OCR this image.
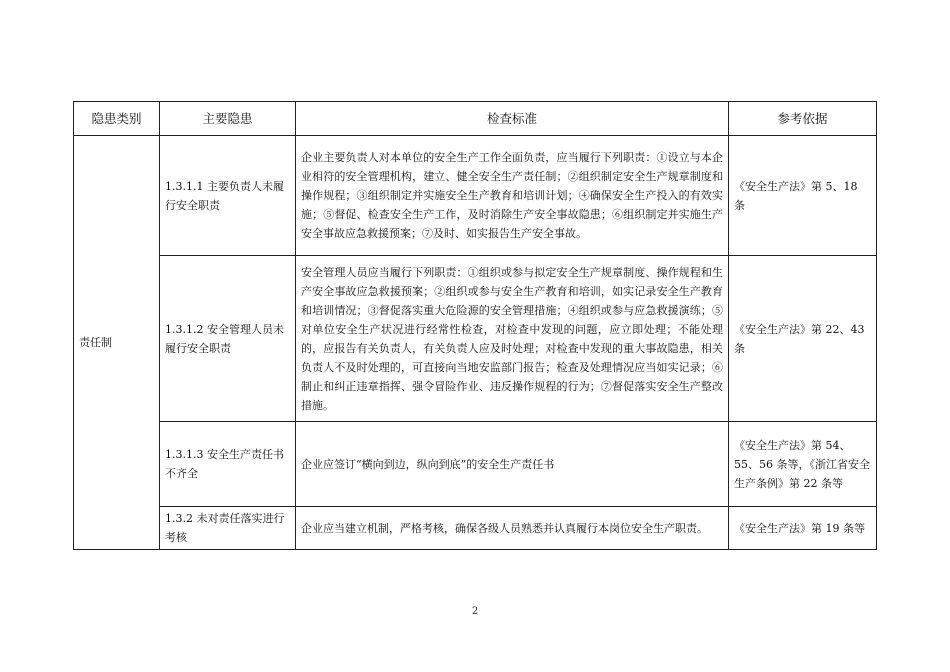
隐患类别	主要隐患	检查标准	参考依据
责任制	1.3.1.1 主要负责人未履行安全职责	企业主要负责人对本单位的安全生产工作全面负责，应当履行下列职责：①设立与本企业相符的安全管理机构，建立、健全安全生产责任制；②组织制定安全生产规章制度和操作规程；③组织制定并实施安全生产教育和培训计划；④确保安全生产投入的有效实施；⑤督促、检查安全生产工作，及时消除生产安全事故隐患；⑥组织制定并实施生产安全事故应急救援预案；⑦及时、如实报告生产安全事故。	《安全生产法》第 5、18 条
	1.3.1.2 安全管理人员未履行安全职责	安全管理人员应当履行下列职责：①组织或参与拟定安全生产规章制度、操作规程和生产安全事故应急救援预案；②组织或参与安全生产教育和培训，如实记录安全生产教育和培训情况；③督促落实重大危险源的安全管理措施；④组织或参与应急救援演练；⑤对单位安全生产状况进行经常性检查，对检查中发现的问题，应立即处理；不能处理的，应报告有关负责人，有关负责人应及时处理；对检查中发现的重大事故隐患，相关负责人不及时处理的，可直接向当地安监部门报告；检查及处理情况应当如实记录；⑥制止和纠正违章指挥、强令冒险作业、违反操作规程的行为；⑦督促落实安全生产整改措施。	《安全生产法》第 22、43 条
	1.3.1.3 安全生产责任书不齐全	企业应签订“横向到边，纵向到底”的安全生产责任书	《安全生产法》第 54、55、56 条等，《浙江省安全生产条例》第 22 条等
	1.3.2 未对责任落实进行考核	企业应当建立机制，严格考核，确保各级人员熟悉并认真履行本岗位安全生产职责。	《安全生产法》第 19 条等
2
